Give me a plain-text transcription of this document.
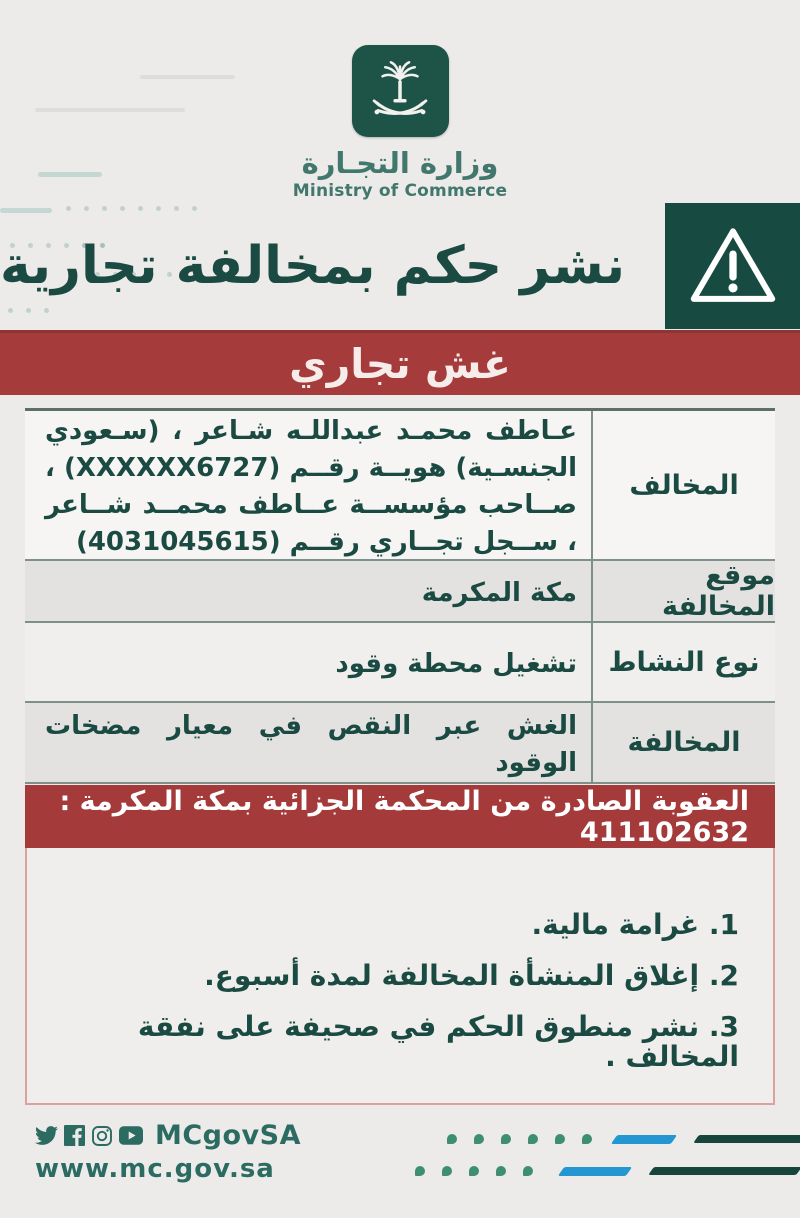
وزارة التجـارة
Ministry of Commerce
نشر حكم بمخالفة تجارية
غش تجاري
عـاطف محمـد عبداللـه شـاعر ، (سـعودي الجنسـية) هويــة رقــم (XXXXXX6727) ، صــاحب مؤسســة عــاطف محمــد شــاعر ، ســجل تجــاري رقــم (4031045615)
المخالف
مكة المكرمة
موقع المخالفة
تشغيل محطة وقود	نوع النشاط
الغش عبر النقص في معيار مضخات الوقود
المخالفة
العقوبة الصادرة من المحكمة الجزائية بمكة المكرمة : 411102632
1. غرامة مالية.
2. إغلاق المنشأة المخالفة لمدة أسبوع.
3. نشر منطوق الحكم في صحيفة على نفقة المخالف .
MCgovSA
www.mc.gov.sa
